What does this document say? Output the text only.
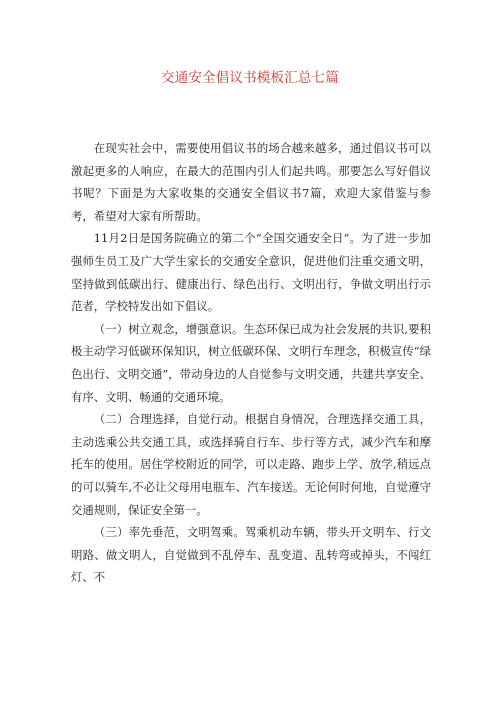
交通安全倡议书模板汇总七篇

在现实社会中，需要使用倡议书的场合越来越多，通过倡议书可以激起更多的人响应，在最大的范围内引人们起共鸣。那要怎么写好倡议书呢？下面是为大家收集的交通安全倡议书7篇，欢迎大家借鉴与参考，希望对大家有所帮助。

11月2日是国务院确立的第二个“全国交通安全日”。为了进一步加强师生员工及广大学生家长的交通安全意识，促进他们注重交通文明，坚持做到低碳出行、健康出行、绿色出行、文明出行，争做文明出行示范者，学校特发出如下倡议。

（一）树立观念，增强意识。生态环保已成为社会发展的共识,要积极主动学习低碳环保知识，树立低碳环保、文明行车理念，积极宣传“绿色出行、文明交通”，带动身边的人自觉参与文明交通，共建共享安全、有序、文明、畅通的交通环境。

（二）合理选择，自觉行动。根据自身情况，合理选择交通工具，主动选乘公共交通工具，或选择骑自行车、步行等方式，减少汽车和摩托车的使用。居住学校附近的同学，可以走路、跑步上学、放学,稍远点的可以骑车,不必让父母用电瓶车、汽车接送。无论何时何地，自觉遵守交通规则，保证安全第一。

（三）率先垂范，文明驾乘。驾乘机动车辆，带头开文明车、行文明路、做文明人，自觉做到不乱停车、乱变道、乱转弯或掉头，不闯红灯、不
